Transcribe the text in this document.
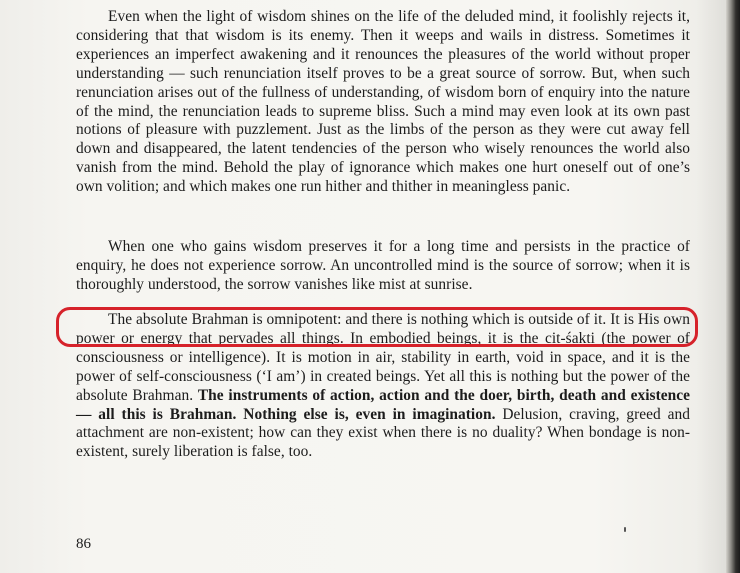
Even when the light of wisdom shines on the life of the deluded mind, it foolishly rejects it, considering that that wisdom is its enemy. Then it weeps and wails in distress. Sometimes it experiences an imperfect awakening and it renounces the pleasures of the world without proper understanding — such renunciation itself proves to be a great source of sorrow. But, when such renunciation arises out of the fullness of understanding, of wisdom born of enquiry into the nature of the mind, the renunciation leads to supreme bliss. Such a mind may even look at its own past notions of pleasure with puzzlement. Just as the limbs of the person as they were cut away fell down and disappeared, the latent tendencies of the person who wisely renounces the world also vanish from the mind. Behold the play of ignorance which makes one hurt oneself out of one’s own volition; and which makes one run hither and thither in meaningless panic.

When one who gains wisdom preserves it for a long time and persists in the practice of enquiry, he does not experience sorrow. An uncontrolled mind is the source of sorrow; when it is thoroughly understood, the sorrow vanishes like mist at sunrise.

The absolute Brahman is omnipotent: and there is nothing which is outside of it. It is His own power or energy that pervades all things. In embodied beings, it is the cit-śakti (the power of consciousness or intelligence). It is motion in air, stability in earth, void in space, and it is the power of self-consciousness (‘I am’) in created beings. Yet all this is nothing but the power of the absolute Brahman. The instruments of action, action and the doer, birth, death and existence — all this is Brahman. Nothing else is, even in imagination. Delusion, craving, greed and attachment are non-existent; how can they exist when there is no duality? When bondage is non-existent, surely liberation is false, too.

86
